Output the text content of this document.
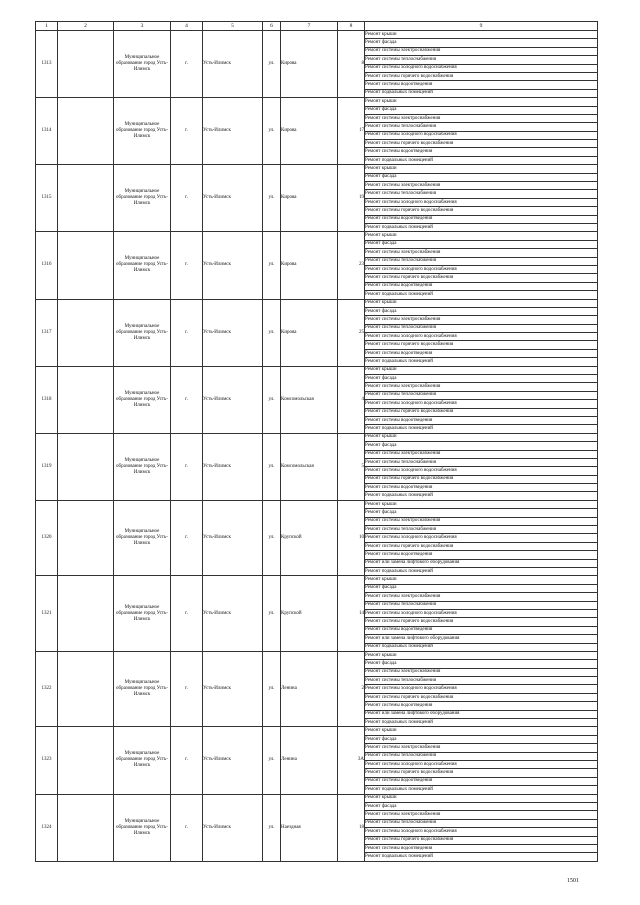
1	2	3	4	5	6	7	8	9
1313		Муниципальное образование город Усть-Илимск	г.	Усть-Илимск	ул.	Кирова	8	Ремонт крыши
								Ремонт фасада
								Ремонт системы электроснабжения
								Ремонт системы теплоснабжения
								Ремонт системы холодного водоснабжения
								Ремонт системы горячего водоснабжения
								Ремонт системы водоотведения
								Ремонт подвальных помещений
1314		Муниципальное образование город Усть-Илимск	г.	Усть-Илимск	ул.	Кирова	17	Ремонт крыши
								Ремонт фасада
								Ремонт системы электроснабжения
								Ремонт системы теплоснабжения
								Ремонт системы холодного водоснабжения
								Ремонт системы горячего водоснабжения
								Ремонт системы водоотведения
								Ремонт подвальных помещений
1315		Муниципальное образование город Усть-Илимск	г.	Усть-Илимск	ул.	Кирова	19	Ремонт крыши
								Ремонт фасада
								Ремонт системы электроснабжения
								Ремонт системы теплоснабжения
								Ремонт системы холодного водоснабжения
								Ремонт системы горячего водоснабжения
								Ремонт системы водоотведения
								Ремонт подвальных помещений
1316		Муниципальное образование город Усть-Илимск	г.	Усть-Илимск	ул.	Кирова	23	Ремонт крыши
								Ремонт фасада
								Ремонт системы электроснабжения
								Ремонт системы теплоснабжения
								Ремонт системы холодного водоснабжения
								Ремонт системы горячего водоснабжения
								Ремонт системы водоотведения
								Ремонт подвальных помещений
1317		Муниципальное образование город Усть-Илимск	г.	Усть-Илимск	ул.	Кирова	25	Ремонт крыши
								Ремонт фасада
								Ремонт системы электроснабжения
								Ремонт системы теплоснабжения
								Ремонт системы холодного водоснабжения
								Ремонт системы горячего водоснабжения
								Ремонт системы водоотведения
								Ремонт подвальных помещений
1318		Муниципальное образование город Усть-Илимск	г.	Усть-Илимск	ул.	Комсомольская	4	Ремонт крыши
								Ремонт фасада
								Ремонт системы электроснабжения
								Ремонт системы теплоснабжения
								Ремонт системы холодного водоснабжения
								Ремонт системы горячего водоснабжения
								Ремонт системы водоотведения
								Ремонт подвальных помещений
1319		Муниципальное образование город Усть-Илимск	г.	Усть-Илимск	ул.	Комсомольская	5	Ремонт крыши
								Ремонт фасада
								Ремонт системы электроснабжения
								Ремонт системы теплоснабжения
								Ремонт системы холодного водоснабжения
								Ремонт системы горячего водоснабжения
								Ремонт системы водоотведения
								Ремонт подвальных помещений
1320		Муниципальное образование город Усть-Илимск	г.	Усть-Илимск	ул.	Крупской	10	Ремонт крыши
								Ремонт фасада
								Ремонт системы электроснабжения
								Ремонт системы теплоснабжения
								Ремонт системы холодного водоснабжения
								Ремонт системы горячего водоснабжения
								Ремонт системы водоотведения
								Ремонт или замена лифтового оборудования
								Ремонт подвальных помещений
1321		Муниципальное образование город Усть-Илимск	г.	Усть-Илимск	ул.	Крупской	14	Ремонт крыши
								Ремонт фасада
								Ремонт системы электроснабжения
								Ремонт системы теплоснабжения
								Ремонт системы холодного водоснабжения
								Ремонт системы горячего водоснабжения
								Ремонт системы водоотведения
								Ремонт или замена лифтового оборудования
								Ремонт подвальных помещений
1322		Муниципальное образование город Усть-Илимск	г.	Усть-Илимск	ул.	Ленина	2	Ремонт крыши
								Ремонт фасада
								Ремонт системы электроснабжения
								Ремонт системы теплоснабжения
								Ремонт системы холодного водоснабжения
								Ремонт системы горячего водоснабжения
								Ремонт системы водоотведения
								Ремонт или замена лифтового оборудования
								Ремонт подвальных помещений
1323		Муниципальное образование город Усть-Илимск	г.	Усть-Илимск	ул.	Ленина	3А	Ремонт крыши
								Ремонт фасада
								Ремонт системы электроснабжения
								Ремонт системы теплоснабжения
								Ремонт системы холодного водоснабжения
								Ремонт системы горячего водоснабжения
								Ремонт системы водоотведения
								Ремонт подвальных помещений
1324		Муниципальное образование город Усть-Илимск	г.	Усть-Илимск	ул.	Наездная	18	Ремонт крыши
								Ремонт фасада
								Ремонт системы электроснабжения
								Ремонт системы теплоснабжения
								Ремонт системы холодного водоснабжения
								Ремонт системы горячего водоснабжения
								Ремонт системы водоотведения
								Ремонт подвальных помещений
1501
